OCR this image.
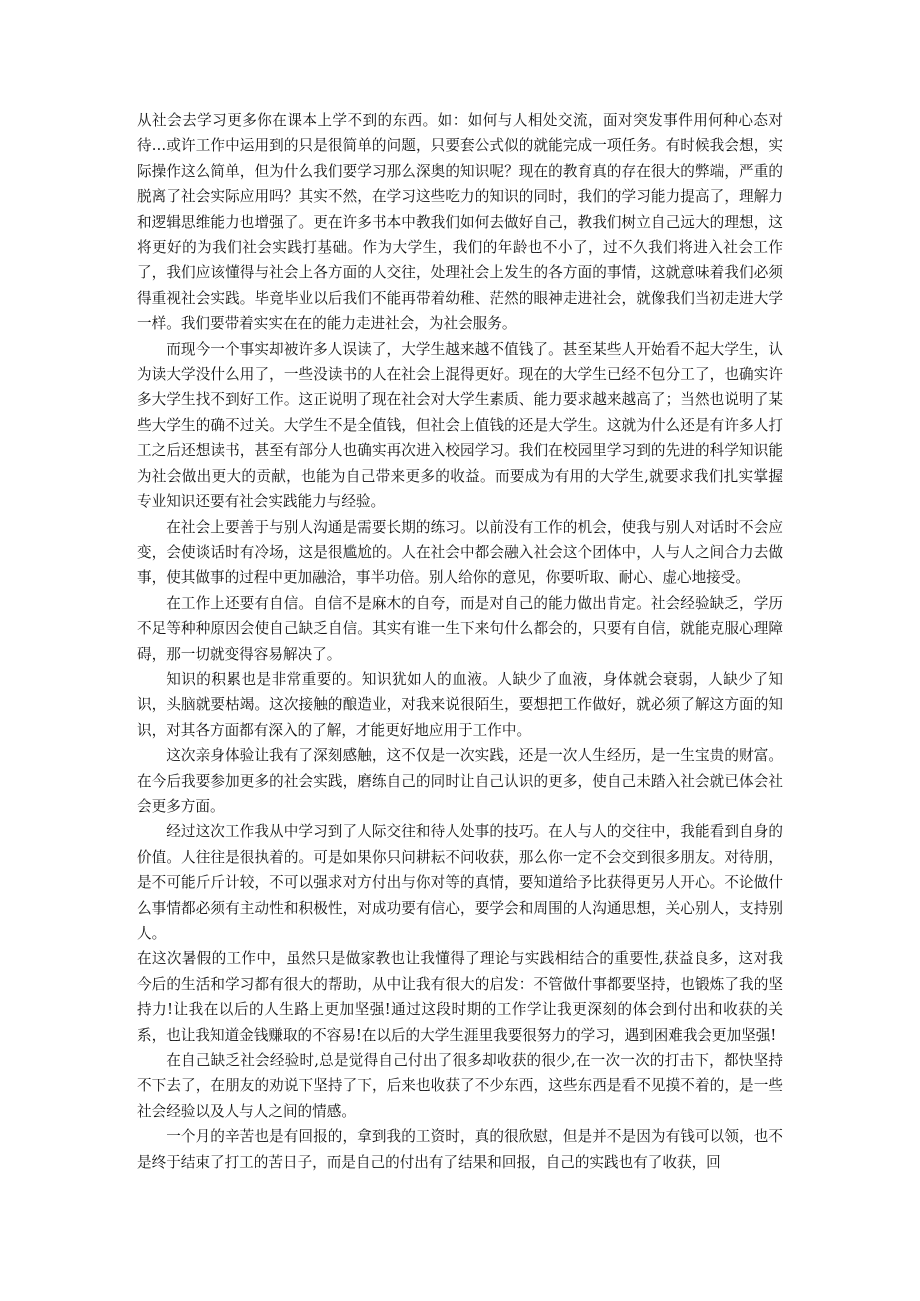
从社会去学习更多你在课本上学不到的东西。如：如何与人相处交流，面对突发事件用何种心态对待…或许工作中运用到的只是很简单的问题，只要套公式似的就能完成一项任务。有时候我会想，实际操作这么简单，但为什么我们要学习那么深奥的知识呢？现在的教育真的存在很大的弊端，严重的脱离了社会实际应用吗？其实不然，在学习这些吃力的知识的同时，我们的学习能力提高了，理解力和逻辑思维能力也增强了。更在许多书本中教我们如何去做好自己，教我们树立自己远大的理想，这将更好的为我们社会实践打基础。作为大学生，我们的年龄也不小了，过不久我们将进入社会工作了，我们应该懂得与社会上各方面的人交往，处理社会上发生的各方面的事情，这就意味着我们必须得重视社会实践。毕竟毕业以后我们不能再带着幼稚、茫然的眼神走进社会，就像我们当初走进大学一样。我们要带着实实在在的能力走进社会，为社会服务。

而现今一个事实却被许多人误读了，大学生越来越不值钱了。甚至某些人开始看不起大学生，认为读大学没什么用了，一些没读书的人在社会上混得更好。现在的大学生已经不包分工了，也确实许多大学生找不到好工作。这正说明了现在社会对大学生素质、能力要求越来越高了；当然也说明了某些大学生的确不过关。大学生不是全值钱，但社会上值钱的还是大学生。这就为什么还是有许多人打工之后还想读书，甚至有部分人也确实再次进入校园学习。我们在校园里学习到的先进的科学知识能为社会做出更大的贡献，也能为自己带来更多的收益。而要成为有用的大学生,就要求我们扎实掌握专业知识还要有社会实践能力与经验。

在社会上要善于与别人沟通是需要长期的练习。以前没有工作的机会，使我与别人对话时不会应变，会使谈话时有冷场，这是很尴尬的。人在社会中都会融入社会这个团体中，人与人之间合力去做事，使其做事的过程中更加融洽，事半功倍。别人给你的意见，你要听取、耐心、虚心地接受。

在工作上还要有自信。自信不是麻木的自夸，而是对自己的能力做出肯定。社会经验缺乏，学历不足等种种原因会使自己缺乏自信。其实有谁一生下来句什么都会的，只要有自信，就能克服心理障碍，那一切就变得容易解决了。

知识的积累也是非常重要的。知识犹如人的血液。人缺少了血液，身体就会衰弱，人缺少了知识，头脑就要枯竭。这次接触的酿造业，对我来说很陌生，要想把工作做好，就必须了解这方面的知识，对其各方面都有深入的了解，才能更好地应用于工作中。

这次亲身体验让我有了深刻感触，这不仅是一次实践，还是一次人生经历，是一生宝贵的财富。在今后我要参加更多的社会实践，磨练自己的同时让自己认识的更多，使自己未踏入社会就已体会社会更多方面。

经过这次工作我从中学习到了人际交往和待人处事的技巧。在人与人的交往中，我能看到自身的价值。人往往是很执着的。可是如果你只问耕耘不问收获，那么你一定不会交到很多朋友。对待朋，是不可能斤斤计较，不可以强求对方付出与你对等的真情，要知道给予比获得更另人开心。不论做什么事情都必须有主动性和积极性，对成功要有信心，要学会和周围的人沟通思想，关心别人，支持别人。

在这次暑假的工作中，虽然只是做家教也让我懂得了理论与实践相结合的重要性,获益良多，这对我今后的生活和学习都有很大的帮助，从中让我有很大的启发：不管做什事都要坚持，也锻炼了我的坚持力!让我在以后的人生路上更加坚强!通过这段时期的工作学让我更深刻的体会到付出和收获的关系，也让我知道金钱赚取的不容易!在以后的大学生涯里我要很努力的学习，遇到困难我会更加坚强!

在自己缺乏社会经验时,总是觉得自己付出了很多却收获的很少,在一次一次的打击下，都快坚持不下去了，在朋友的劝说下坚持了下，后来也收获了不少东西，这些东西是看不见摸不着的，是一些社会经验以及人与人之间的情感。

一个月的辛苦也是有回报的，拿到我的工资时，真的很欣慰，但是并不是因为有钱可以领，也不是终于结束了打工的苦日子，而是自己的付出有了结果和回报，自己的实践也有了收获，回
